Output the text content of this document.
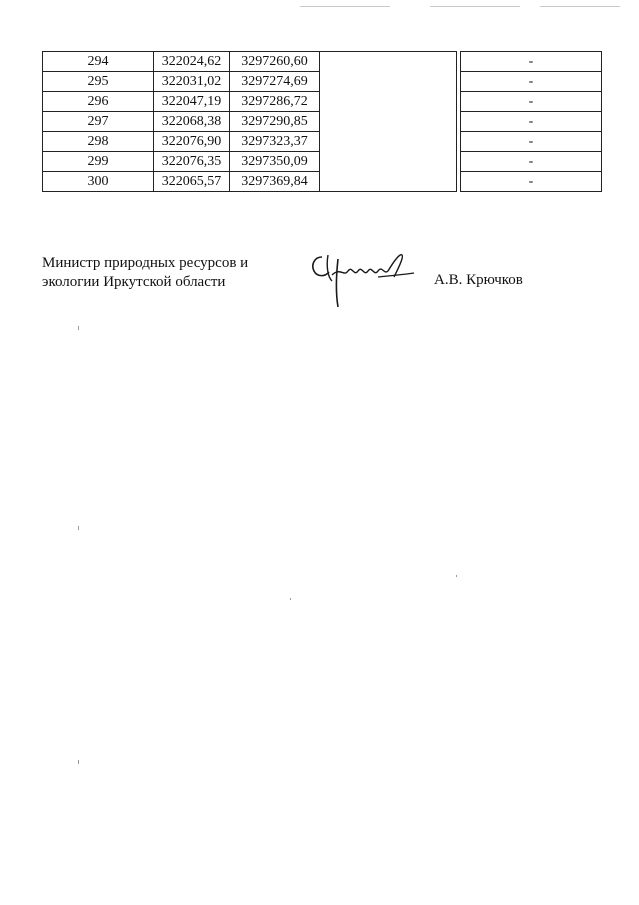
294	322024,62	3297260,60			-
295	322031,02	3297274,69			-
296	322047,19	3297286,72			-
297	322068,38	3297290,85			-
298	322076,90	3297323,37			-
299	322076,35	3297350,09			-
300	322065,57	3297369,84			-
Министр природных ресурсов и
экологии Иркутской области	А.В. Крючков
